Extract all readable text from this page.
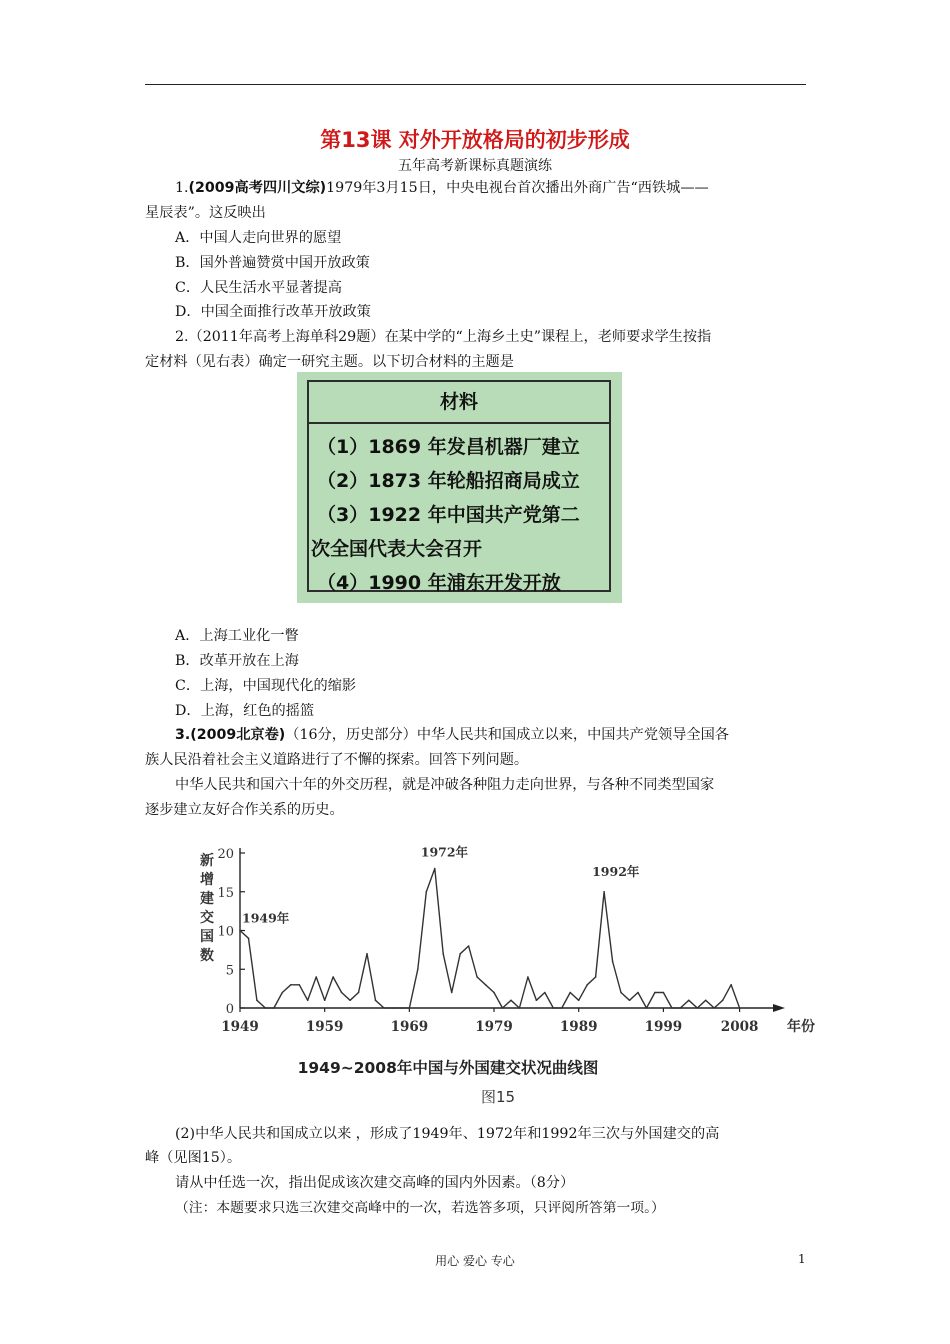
第13课 对外开放格局的初步形成
五年高考新课标真题演练
1.(2009高考四川文综)1979年3月15日，中央电视台首次播出外商广告“西铁城——
星辰表”。这反映出
A．中国人走向世界的愿望
B．国外普遍赞赏中国开放政策
C．人民生活水平显著提高
D．中国全面推行改革开放政策
2.（2011年高考上海单科29题）在某中学的“上海乡土史”课程上，老师要求学生按指
定材料（见右表）确定一研究主题。以下切合材料的主题是
材料
（1）1869 年发昌机器厂建立
（2）1873 年轮船招商局成立
（3）1922 年中国共产党第二
次全国代表大会召开
（4）1990 年浦东开发开放
A．上海工业化一瞥
B．改革开放在上海
C．上海，中国现代化的缩影
D．上海，红色的摇篮
3.(2009北京卷)（16分，历史部分）中华人民共和国成立以来，中国共产党领导全国各
族人民沿着社会主义道路进行了不懈的探索。回答下列问题。
中华人民共和国六十年的外交历程，就是冲破各种阻力走向世界，与各种不同类型国家
逐步建立友好合作关系的历史。
0
5
10
15
20
1949	1959	1969	1979	1989	1999	2008
新增建交国数
年份
1949年
1972年
1992年
1949~2008年中国与外国建交状况曲线图
图15
(2)中华人民共和国成立以来 ，形成了1949年、1972年和1992年三次与外国建交的高
峰（见图15）。
请从中任选一次，指出促成该次建交高峰的国内外因素。（8分）
（注：本题要求只选三次建交高峰中的一次，若选答多项，只评阅所答第一项。）
用心 爱心 专心	1
